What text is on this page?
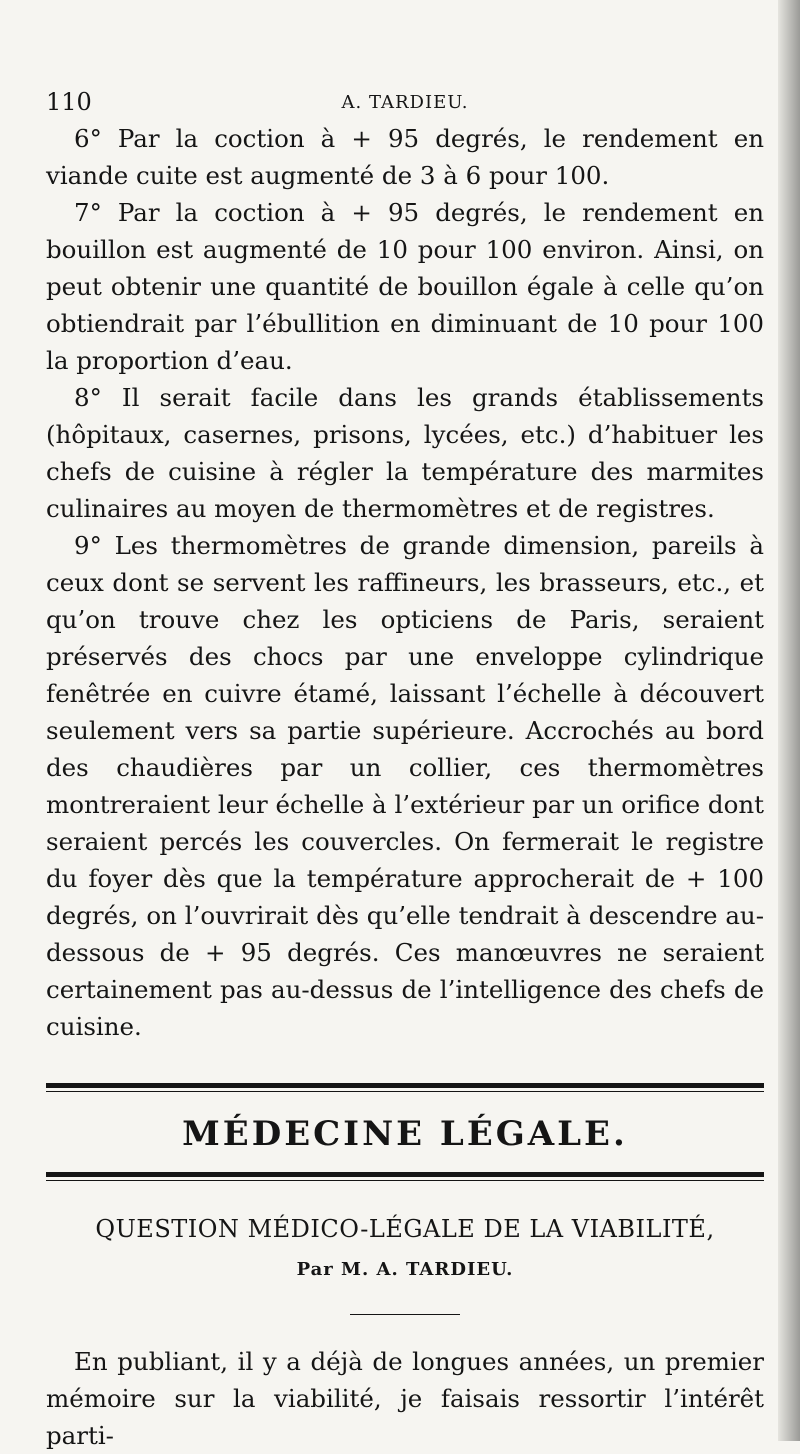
110	A. TARDIEU.

6° Par la coction à + 95 degrés, le rendement en viande cuite est augmenté de 3 à 6 pour 100.

7° Par la coction à + 95 degrés, le rendement en bouillon est augmenté de 10 pour 100 environ. Ainsi, on peut obtenir une quantité de bouillon égale à celle qu’on obtiendrait par l’ébullition en diminuant de 10 pour 100 la proportion d’eau.

8° Il serait facile dans les grands établissements (hôpitaux, casernes, prisons, lycées, etc.) d’habituer les chefs de cuisine à régler la température des marmites culinaires au moyen de thermomètres et de registres.

9° Les thermomètres de grande dimension, pareils à ceux dont se servent les raffineurs, les brasseurs, etc., et qu’on trouve chez les opticiens de Paris, seraient préservés des chocs par une enveloppe cylindrique fenêtrée en cuivre étamé, laissant l’échelle à découvert seulement vers sa partie supérieure. Accrochés au bord des chaudières par un collier, ces thermomètres montreraient leur échelle à l’extérieur par un orifice dont seraient percés les couvercles. On fermerait le registre du foyer dès que la température approcherait de + 100 degrés, on l’ouvrirait dès qu’elle tendrait à descendre au-dessous de + 95 degrés. Ces manœuvres ne seraient certainement pas au-dessus de l’intelligence des chefs de cuisine.

MÉDECINE LÉGALE.
QUESTION MÉDICO-LÉGALE DE LA VIABILITÉ,
Par M. A. TARDIEU.

En publiant, il y a déjà de longues années, un premier mémoire sur la viabilité, je faisais ressortir l’intérêt parti-
